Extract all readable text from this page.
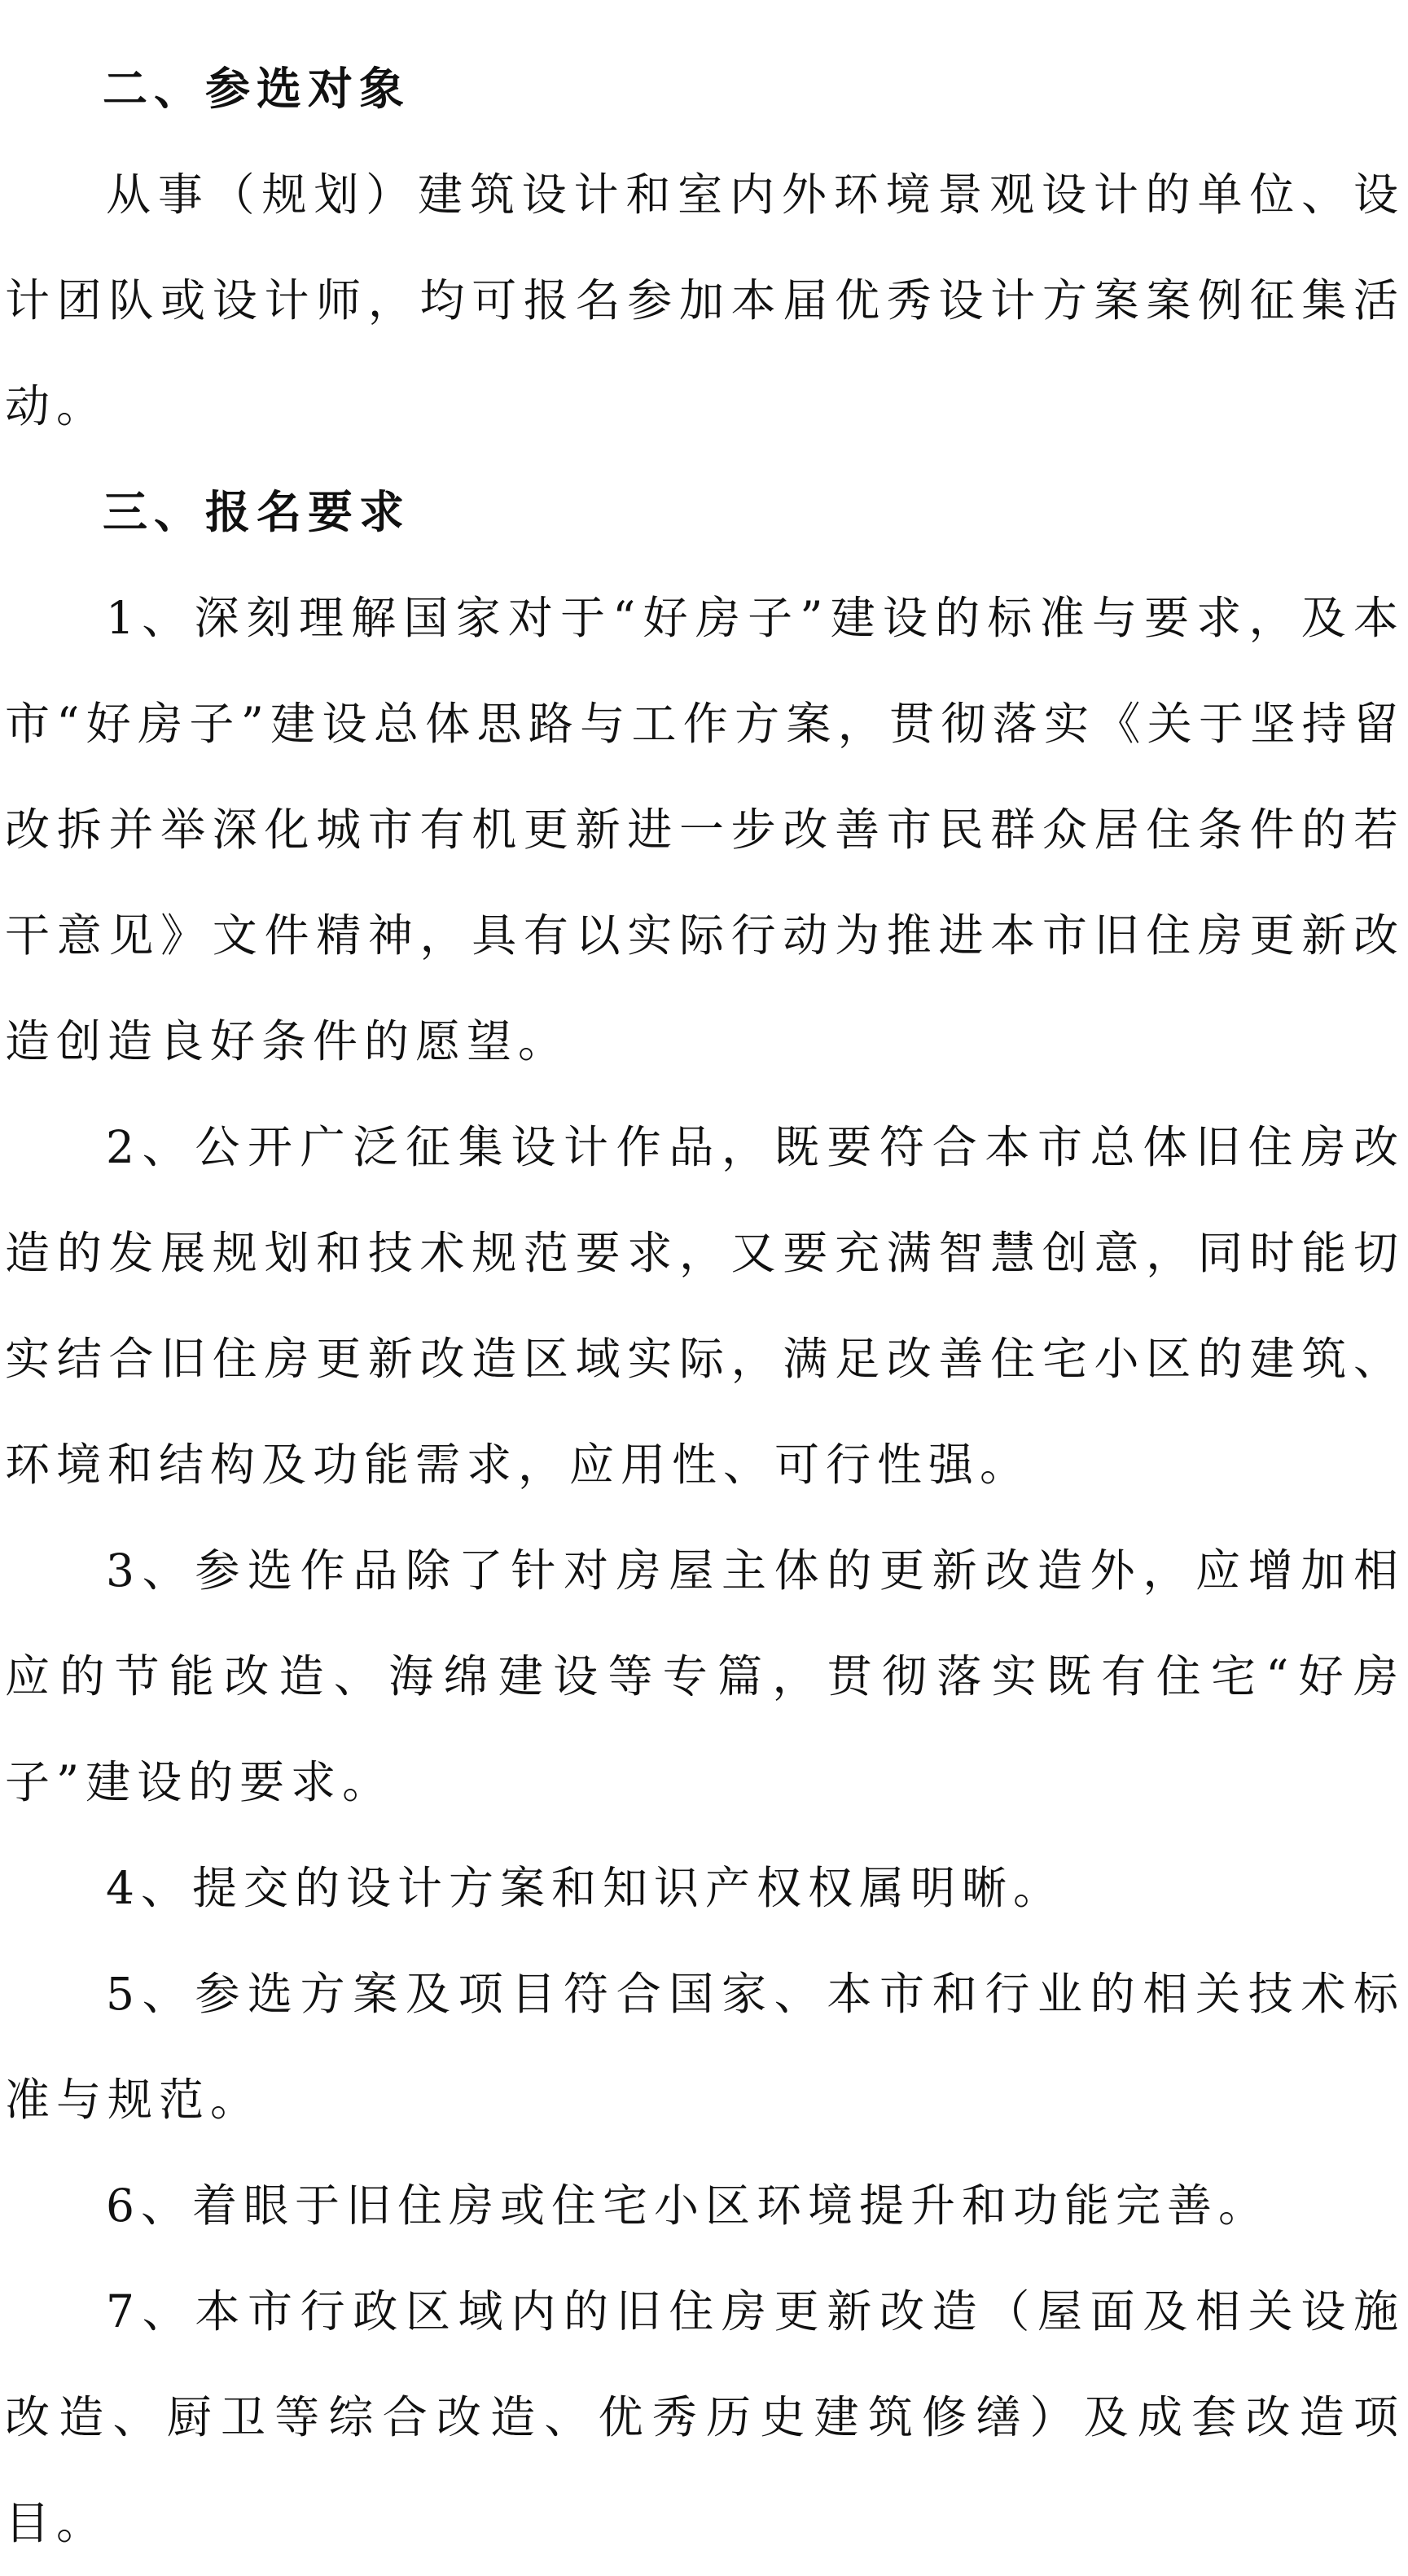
二、参选对象

从事（规划）建筑设计和室内外环境景观设计的单位、设计团队或设计师，均可报名参加本届优秀设计方案案例征集活动。

三、报名要求

1、深刻理解国家对于“好房子”建设的标准与要求，及本市“好房子”建设总体思路与工作方案，贯彻落实《关于坚持留改拆并举深化城市有机更新进一步改善市民群众居住条件的若干意见》文件精神，具有以实际行动为推进本市旧住房更新改造创造良好条件的愿望。

2、公开广泛征集设计作品，既要符合本市总体旧住房改造的发展规划和技术规范要求，又要充满智慧创意，同时能切实结合旧住房更新改造区域实际，满足改善住宅小区的建筑、环境和结构及功能需求，应用性、可行性强。

3、参选作品除了针对房屋主体的更新改造外，应增加相应的节能改造、海绵建设等专篇，贯彻落实既有住宅“好房子”建设的要求。

4、提交的设计方案和知识产权权属明晰。

5、参选方案及项目符合国家、本市和行业的相关技术标准与规范。

6、着眼于旧住房或住宅小区环境提升和功能完善。

7、本市行政区域内的旧住房更新改造（屋面及相关设施改造、厨卫等综合改造、优秀历史建筑修缮）及成套改造项目。
